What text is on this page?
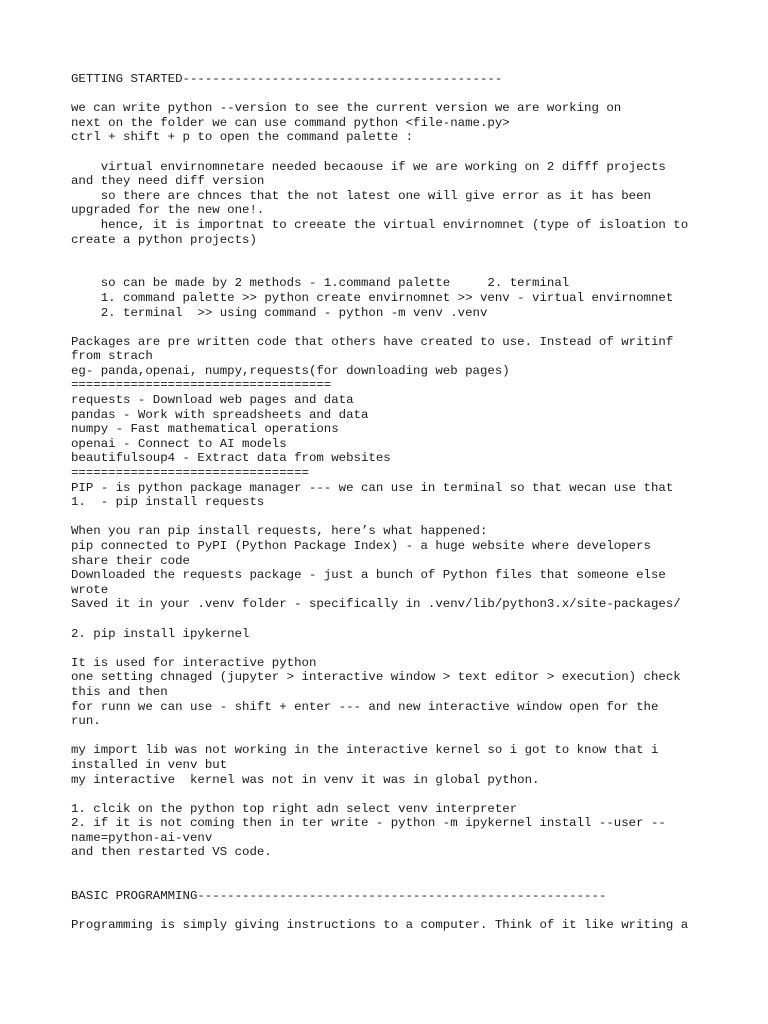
GETTING STARTED-------------------------------------------
we can write python --version to see the current version we are working on
next on the folder we can use command python <file-name.py>
ctrl + shift + p to open the command palette :
virtual envirnomnetare needed becaouse if we are working on 2 difff projects
and they need diff version
so there are chnces that the not latest one will give error as it has been
upgraded for the new one!.
hence, it is importnat to creeate the virtual envirnomnet (type of isloation to
create a python projects)
so can be made by 2 methods - 1.command palette     2. terminal
1. command palette >> python create envirnomnet >> venv - virtual envirnomnet
2. terminal  >> using command - python -m venv .venv
Packages are pre written code that others have created to use. Instead of writinf
from strach
eg- panda,openai, numpy,requests(for downloading web pages)
===================================
requests - Download web pages and data
pandas - Work with spreadsheets and data
numpy - Fast mathematical operations
openai - Connect to AI models
beautifulsoup4 - Extract data from websites
================================
PIP - is python package manager --- we can use in terminal so that wecan use that
1.  - pip install requests
When you ran pip install requests, here’s what happened:
pip connected to PyPI (Python Package Index) - a huge website where developers
share their code
Downloaded the requests package - just a bunch of Python files that someone else
wrote
Saved it in your .venv folder - specifically in .venv/lib/python3.x/site-packages/
2. pip install ipykernel
It is used for interactive python
one setting chnaged (jupyter > interactive window > text editor > execution) check
this and then
for runn we can use - shift + enter --- and new interactive window open for the
run.
my import lib was not working in the interactive kernel so i got to know that i
installed in venv but
my interactive  kernel was not in venv it was in global python.
1. clcik on the python top right adn select venv interpreter
2. if it is not coming then in ter write - python -m ipykernel install --user --
name=python-ai-venv
and then restarted VS code.
BASIC PROGRAMMING-------------------------------------------------------
Programming is simply giving instructions to a computer. Think of it like writing a
